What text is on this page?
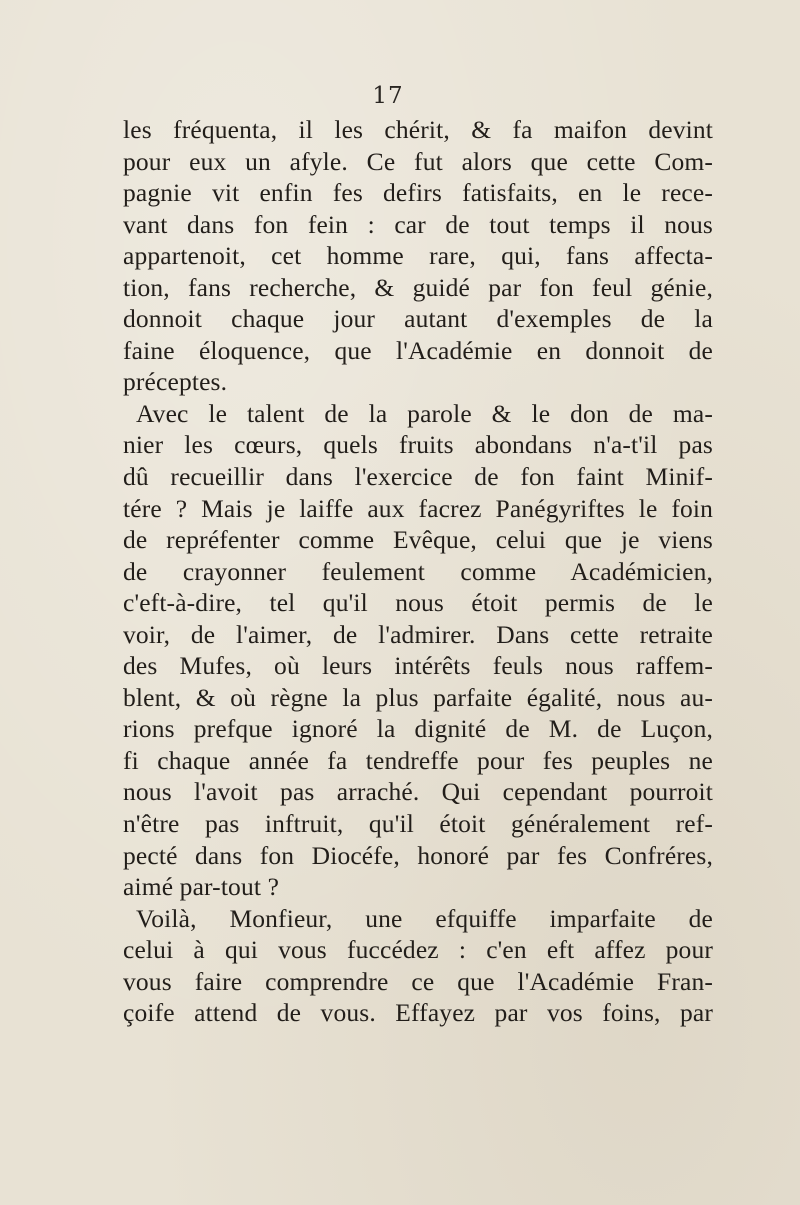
17
les fréquenta, il les chérit, & fa maifon devint
pour eux un afyle. Ce fut alors que cette Com-
pagnie vit enfin fes defirs fatisfaits, en le rece-
vant dans fon fein : car de tout temps il nous
appartenoit, cet homme rare, qui, fans affecta-
tion, fans recherche, & guidé par fon feul génie,
donnoit chaque jour autant d'exemples de la
faine éloquence, que l'Académie en donnoit de
préceptes.
Avec le talent de la parole & le don de ma-
nier les cœurs, quels fruits abondans n'a-t'il pas
dû recueillir dans l'exercice de fon faint Minif-
tére ? Mais je laiffe aux facrez Panégyriftes le foin
de repréfenter comme Evêque, celui que je viens
de crayonner feulement comme Académicien,
c'eft-à-dire, tel qu'il nous étoit permis de le
voir, de l'aimer, de l'admirer. Dans cette retraite
des Mufes, où leurs intérêts feuls nous raffem-
blent, & où règne la plus parfaite égalité, nous au-
rions prefque ignoré la dignité de M. de Luçon,
fi chaque année fa tendreffe pour fes peuples ne
nous l'avoit pas arraché. Qui cependant pourroit
n'être pas inftruit, qu'il étoit généralement ref-
pecté dans fon Diocéfe, honoré par fes Confréres,
aimé par-tout ?
Voilà, Monfieur, une efquiffe imparfaite de
celui à qui vous fuccédez : c'en eft affez pour
vous faire comprendre ce que l'Académie Fran-
çoife attend de vous. Effayez par vos foins, par
